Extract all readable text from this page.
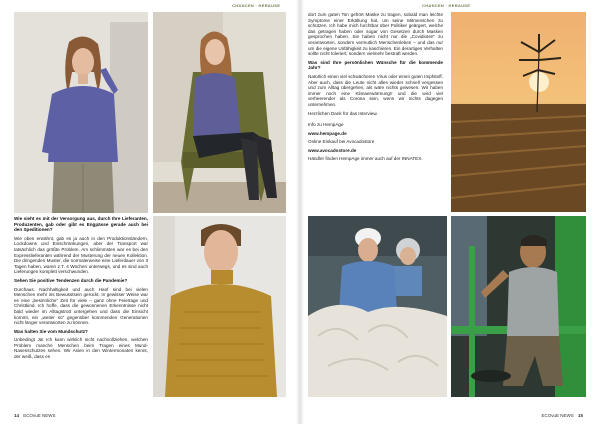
CHANCEN · HERAUSE

Wie sieht es mit der Versorgung aus, durch Ihre Lieferanten, Produzenten, gab oder gibt es Engpässe gerade auch bei den Speditionen?

Wie oben erwähnt, gab es ja auch in den Produktionsländern, Lockdowns und Einschränkungen, aber der Transport war tatsächlich das größte Problem. Am schlimmsten war es bei den Expresslieferanten während der Musterung der neuen Kollektion. Die dringenden Muster, die normalerweise eine Lieferdauer von 3 Tagen haben, waren z.T. 4 Wochen unterwegs, und es sind auch Lieferungen komplett verschwunden.

Sehen Sie positive Tendenzen durch die Pandemie?

Durchaus. Nachhaltigkeit und auch Hanf sind bei vielen Menschen mehr ins Bewusstsein gerückt. In gewisser Weise war es eine „besinnliche“ Zeit für viele – ganz ohne Feiertage und Christkind. Ich hoffe, dass die gewonnenen Erkenntnisse nicht bald wieder im Alltagstrott untergehen und dass die Einsicht kommt, ein „weiter so“ gegenüber kommenden Generationen nicht länger verantworten zu können.

Was halten Sie vom Mundschutz?

Unbedingt Ja! Ich kann wirklich nicht nachvollziehen, welchen Problem manche Menschen beim Tragen eines Mund-Nasenschutzes sehen. Wir Asien in den Wintermonaten kennt, der weiß, dass es

14 ECOvuE NEWS
CHANCEN · HERAUSE

dort zum guten Ton gehört Maske zu tragen, sobald man leichte Symptome einer Erkältung hat, um seine Mitmenschen zu schützen. Ich habe mich furchtbar über Politiker geärgert, welche das getragen haben oder sogar von Gesetzen durch Masken gesprochen haben. Sie haben nicht nur die „Covidioten“ zu verantworten, sondern vermutlich Menschenleben – und das nur um die eigene Unfähigkeit zu kaschieren. Ein derartiges Verhalten sollte nicht toleriert, sondern vielmehr bestraft werden.

Was sind Ihre persönlichen Wünsche für die kommende Jahr?

Natürlich einen viel schwächeren Virus oder einen guten Impfstoff. Aber auch, dass die Leute nicht alles wieder schnell vergessen und zum Alltag übergehen, als wäre nichts gewesen. Wir haben immer noch eine Klimaerwärmung!! und die wird viel verheerender als Corona sein, wenn wir nichts dagegen unternehmen.

Herzlichen Dank für das Interview.

Info zu HempAge
www.hempage.de
Online Einkauf bei Avocadostore
www.avocadostore.de
Händler finden HempAge immer auch auf der INNATEX.
ECOvuE NEWS 15
